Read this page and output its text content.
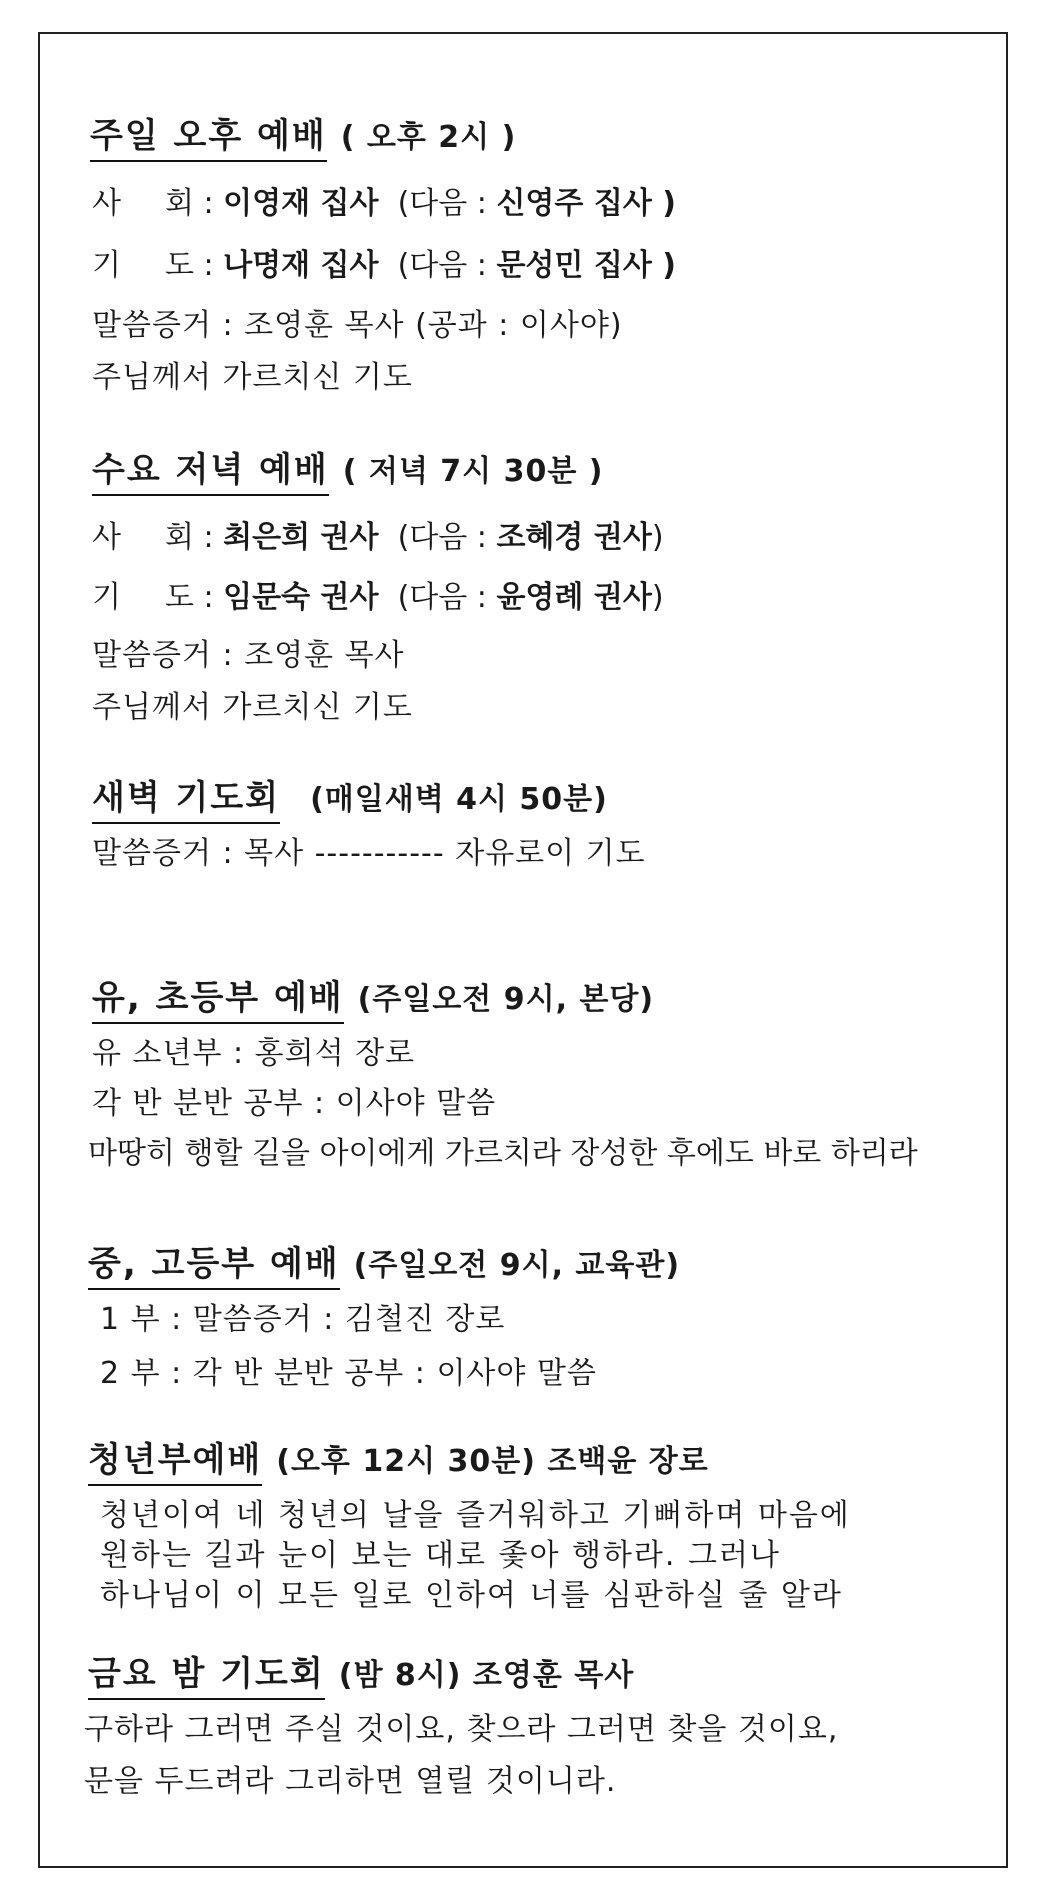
주일 오후 예배 ( 오후 2시 )
사 회 : 이영재 집사 (다음 : 신영주 집사 )
기 도 : 나명재 집사 (다음 : 문성민 집사 )
말씀증거 : 조영훈 목사 (공과 : 이사야)
주님께서 가르치신 기도
수요 저녁 예배 ( 저녁 7시 30분 )
사 회 : 최은희 권사 (다음 : 조혜경 권사)
기 도 : 임문숙 권사 (다음 : 윤영례 권사)
말씀증거 : 조영훈 목사
주님께서 가르치신 기도
새벽 기도회 (매일새벽 4시 50분)
말씀증거 : 목사 ----------- 자유로이 기도
유, 초등부 예배 (주일오전 9시, 본당)
유 소년부 : 홍희석 장로
각 반 분반 공부 : 이사야 말씀
마땅히 행할 길을 아이에게 가르치라 장성한 후에도 바로 하리라
중, 고등부 예배 (주일오전 9시, 교육관)
1 부 : 말씀증거 : 김철진 장로
2 부 : 각 반 분반 공부 : 이사야 말씀
청년부예배 (오후 12시 30분) 조백윤 장로
청년이여 네 청년의 날을 즐거워하고 기뻐하며 마음에
원하는 길과 눈이 보는 대로 좇아 행하라. 그러나
하나님이 이 모든 일로 인하여 너를 심판하실 줄 알라
금요 밤 기도회 (밤 8시) 조영훈 목사
구하라 그러면 주실 것이요, 찾으라 그러면 찾을 것이요,
문을 두드려라 그리하면 열릴 것이니라.
